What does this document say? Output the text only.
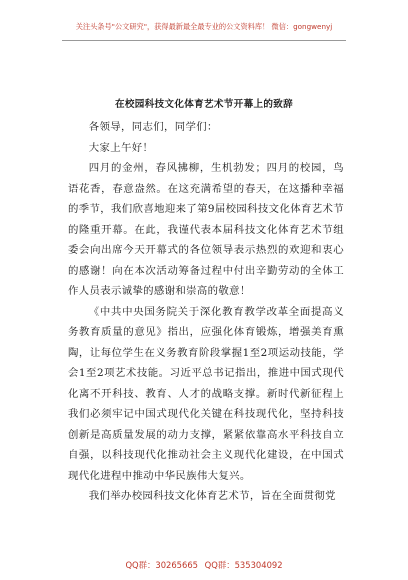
关注头条号"公文研究"，获得最新最全最专业的公文资料库！ 微信：gongwenyj
在校园科技文化体育艺术节开幕上的致辞

各领导，同志们，同学们：

大家上午好！

四月的金州，春风拂柳，生机勃发；四月的校园，鸟语花香，春意盎然。在这充满希望的春天，在这播种幸福的季节，我们欣喜地迎来了第9届校园科技文化体育艺术节的隆重开幕。在此，我谨代表本届科技文化体育艺术节组委会向出席今天开幕式的各位领导表示热烈的欢迎和衷心的感谢！向在本次活动筹备过程中付出辛勤劳动的全体工作人员表示诚挚的感谢和崇高的敬意！

《中共中央国务院关于深化教育教学改革全面提高义务教育质量的意见》指出，应强化体育锻炼，增强美育熏陶，让每位学生在义务教育阶段掌握1至2项运动技能，学会1至2项艺术技能。习近平总书记指出，推进中国式现代化离不开科技、教育、人才的战略支撑。新时代新征程上我们必须牢记中国式现代化关键在科技现代化，坚持科技创新是高质量发展的动力支撑，紧紧依靠高水平科技自立自强，以科技现代化推动社会主义现代化建设，在中国式现代化进程中推动中华民族伟大复兴。

我们举办校园科技文化体育艺术节，旨在全面贯彻党

QQ群：30265665 QQ群：535304092
